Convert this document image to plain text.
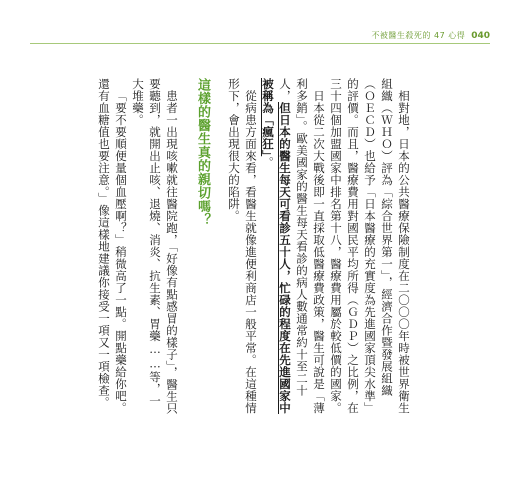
不被醫生殺死的 47 心得 040

相對地，日本的公共醫療保險制度在二〇〇〇年時被世界衛生組織（ＷＨＯ）評為「綜合世界第一」，經濟合作暨發展組織（ＯＥＣＤ）也給予「日本醫療的充實度為先進國家頂尖水準」的評價。而且，醫療費用對國民平均所得（ＧＤＰ）之比例，在三十四個加盟國家中排名第十八，醫療費用屬於較低價的國家。

日本從二次大戰後即一直採取低醫療費政策，醫生可說是「薄利多銷」。歐美國家的醫生每天看診的病人數通常約十至二十人，但日本的醫生每天可看診五十人，忙碌的程度在先進國家中被稱為「瘋狂」。

從病患方面來看，看醫生就像進便利商店一般平常。在這種情形下，會出現很大的陷阱。

這樣的醫生真的親切嗎？

患者一出現咳嗽就往醫院跑，「好像有點感冒的樣子」，醫生只要聽到，就開出止咳、退燒、消炎、抗生素、胃藥……等，一大堆藥。

「要不要順便量個血壓啊？」稍微高了一點。開點藥給你吧。還有血糖值也要注意。」像這樣地建議你接受一項又一項檢查。
